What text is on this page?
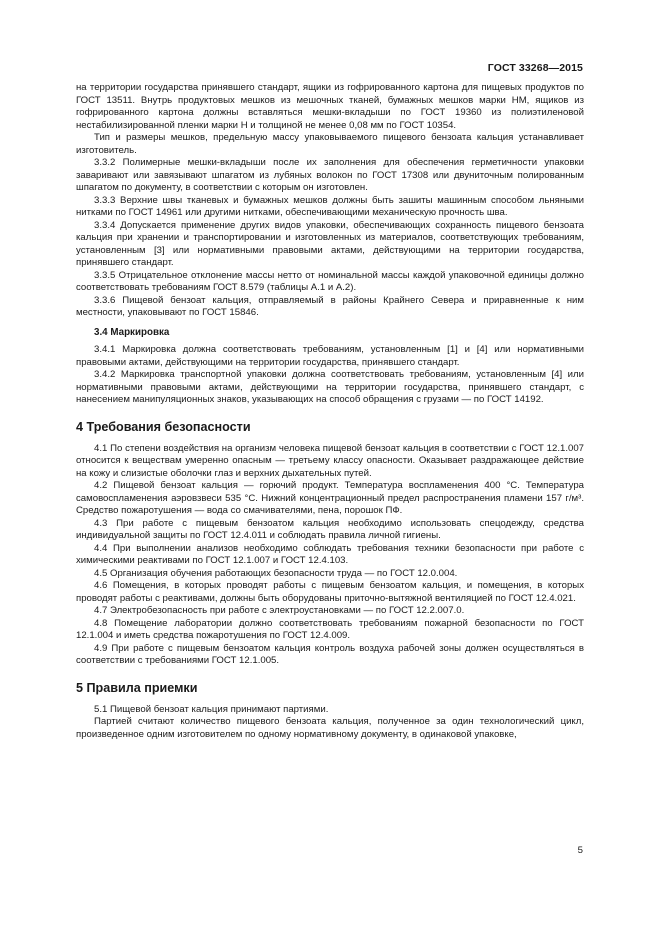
ГОСТ 33268—2015

на территории государства принявшего стандарт, ящики из гофрированного картона для пищевых продуктов по ГОСТ 13511. Внутрь продуктовых мешков из мешочных тканей, бумажных мешков марки НМ, ящиков из гофрированного картона должны вставляться мешки-вкладыши по ГОСТ 19360 из полиэтиленовой нестабилизированной пленки марки Н и толщиной не менее 0,08 мм по ГОСТ 10354.

Тип и размеры мешков, предельную массу упаковываемого пищевого бензоата кальция устанавливает изготовитель.

3.3.2 Полимерные мешки-вкладыши после их заполнения для обеспечения герметичности упаковки заваривают или завязывают шпагатом из лубяных волокон по ГОСТ 17308 или двуниточным полированным шпагатом по документу, в соответствии с которым он изготовлен.

3.3.3 Верхние швы тканевых и бумажных мешков должны быть зашиты машинным способом льняными нитками по ГОСТ 14961 или другими нитками, обеспечивающими механическую прочность шва.

3.3.4 Допускается применение других видов упаковки, обеспечивающих сохранность пищевого бензоата кальция при хранении и транспортировании и изготовленных из материалов, соответствующих требованиям, установленным [3] или нормативными правовыми актами, действующими на территории государства, принявшего стандарт.

3.3.5 Отрицательное отклонение массы нетто от номинальной массы каждой упаковочной единицы должно соответствовать требованиям ГОСТ 8.579 (таблицы А.1 и А.2).

3.3.6 Пищевой бензоат кальция, отправляемый в районы Крайнего Севера и приравненные к ним местности, упаковывают по ГОСТ 15846.

3.4 Маркировка

3.4.1 Маркировка должна соответствовать требованиям, установленным [1] и [4] или нормативными правовыми актами, действующими на территории государства, принявшего стандарт.

3.4.2 Маркировка транспортной упаковки должна соответствовать требованиям, установленным [4] или нормативными правовыми актами, действующими на территории государства, принявшего стандарт, с нанесением манипуляционных знаков, указывающих на способ обращения с грузами — по ГОСТ 14192.

4 Требования безопасности

4.1 По степени воздействия на организм человека пищевой бензоат кальция в соответствии с ГОСТ 12.1.007 относится к веществам умеренно опасным — третьему классу опасности. Оказывает раздражающее действие на кожу и слизистые оболочки глаз и верхних дыхательных путей.

4.2 Пищевой бензоат кальция — горючий продукт. Температура воспламенения 400 °С. Температура самовоспламенения аэровзвеси 535 °С. Нижний концентрационный предел распространения пламени 157 г/м³. Средство пожаротушения — вода со смачивателями, пена, порошок ПФ.

4.3 При работе с пищевым бензоатом кальция необходимо использовать спецодежду, средства индивидуальной защиты по ГОСТ 12.4.011 и соблюдать правила личной гигиены.

4.4 При выполнении анализов необходимо соблюдать требования техники безопасности при работе с химическими реактивами по ГОСТ 12.1.007 и ГОСТ 12.4.103.

4.5 Организация обучения работающих безопасности труда — по ГОСТ 12.0.004.

4.6 Помещения, в которых проводят работы с пищевым бензоатом кальция, и помещения, в которых проводят работы с реактивами, должны быть оборудованы приточно-вытяжной вентиляцией по ГОСТ 12.4.021.

4.7 Электробезопасность при работе с электроустановками — по ГОСТ 12.2.007.0.

4.8 Помещение лаборатории должно соответствовать требованиям пожарной безопасности по ГОСТ 12.1.004 и иметь средства пожаротушения по ГОСТ 12.4.009.

4.9 При работе с пищевым бензоатом кальция контроль воздуха рабочей зоны должен осуществляться в соответствии с требованиями ГОСТ 12.1.005.

5 Правила приемки

5.1 Пищевой бензоат кальция принимают партиями.

Партией считают количество пищевого бензоата кальция, полученное за один технологический цикл, произведенное одним изготовителем по одному нормативному документу, в одинаковой упаковке,

5
